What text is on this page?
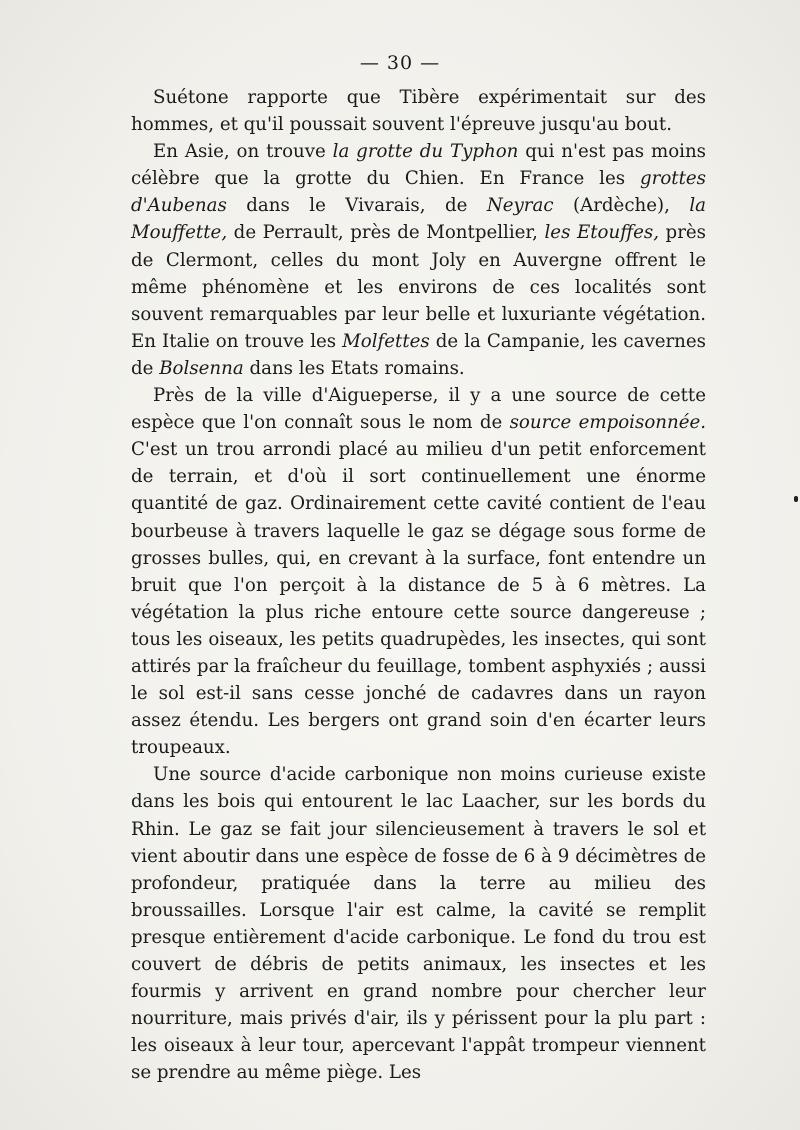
— 30 —

Suétone rapporte que Tibère expérimentait sur des hommes, et qu'il poussait souvent l'épreuve jusqu'au bout.

En Asie, on trouve la grotte du Typhon qui n'est pas moins célèbre que la grotte du Chien. En France les grottes d'Aubenas dans le Vivarais, de Neyrac (Ardèche), la Mouffette, de Perrault, près de Montpellier, les Etouffes, près de Clermont, celles du mont Joly en Auvergne offrent le même phénomène et les environs de ces localités sont souvent remarquables par leur belle et luxuriante végétation. En Italie on trouve les Molfettes de la Campanie, les cavernes de Bolsenna dans les Etats romains.

Près de la ville d'Aigueperse, il y a une source de cette espèce que l'on connaît sous le nom de source empoisonnée. C'est un trou arrondi placé au milieu d'un petit enforcement de terrain, et d'où il sort continuellement une énorme quantité de gaz. Ordinairement cette cavité contient de l'eau bourbeuse à travers laquelle le gaz se dégage sous forme de grosses bulles, qui, en crevant à la surface, font entendre un bruit que l'on perçoit à la distance de 5 à 6 mètres. La végétation la plus riche entoure cette source dangereuse ; tous les oiseaux, les petits quadrupèdes, les insectes, qui sont attirés par la fraîcheur du feuillage, tombent asphyxiés ; aussi le sol est-il sans cesse jonché de cadavres dans un rayon assez étendu. Les bergers ont grand soin d'en écarter leurs troupeaux.

Une source d'acide carbonique non moins curieuse existe dans les bois qui entourent le lac Laacher, sur les bords du Rhin. Le gaz se fait jour silencieusement à travers le sol et vient aboutir dans une espèce de fosse de 6 à 9 décimètres de profondeur, pratiquée dans la terre au milieu des broussailles. Lorsque l'air est calme, la cavité se remplit presque entièrement d'acide carbonique. Le fond du trou est couvert de débris de petits animaux, les insectes et les fourmis y arrivent en grand nombre pour chercher leur nourriture, mais privés d'air, ils y périssent pour la plu part : les oiseaux à leur tour, apercevant l'appât trompeur viennent se prendre au même piège. Les
